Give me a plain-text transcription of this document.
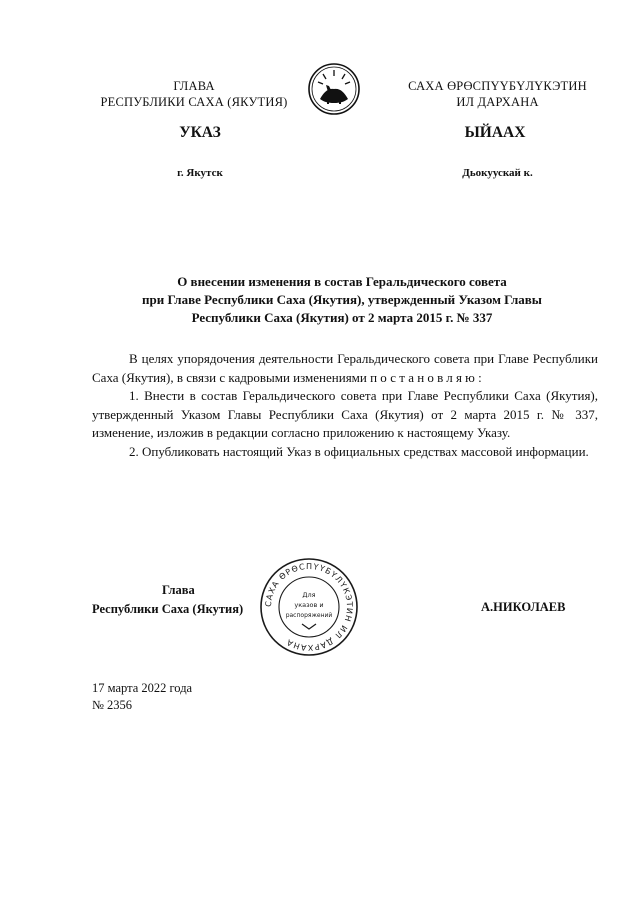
ГЛАВА
РЕСПУБЛИКИ САХА (ЯКУТИЯ)
САХА ӨРӨСПҮҮБҮЛҮКЭТИН
ИЛ ДАРХАНА
УКАЗ	ЫЙААХ
г. Якутск	Дьокуускай к.
О внесении изменения в состав Геральдического совета
при Главе Республики Саха (Якутия), утвержденный Указом Главы
Республики Саха (Якутия) от 2 марта 2015 г. № 337

В целях упорядочения деятельности Геральдического совета при Главе Республики Саха (Якутия), в связи с кадровыми изменениями постановляю:

1. Внести в состав Геральдического совета при Главе Республики Саха (Якутия), утвержденный Указом Главы Республики Саха (Якутия) от 2 марта 2015 г. № 337, изменение, изложив в редакции согласно приложению к настоящему Указу.

2. Опубликовать настоящий Указ в официальных средствах массовой информации.

Глава
Республики Саха (Якутия)	САХА ӨРӨСПҮҮБҮЛҮКЭТИН ИЛ ДАРХАНА
Для
указов и
распоряжений
А.НИКОЛАЕВ
17 марта 2022 года
№ 2356
